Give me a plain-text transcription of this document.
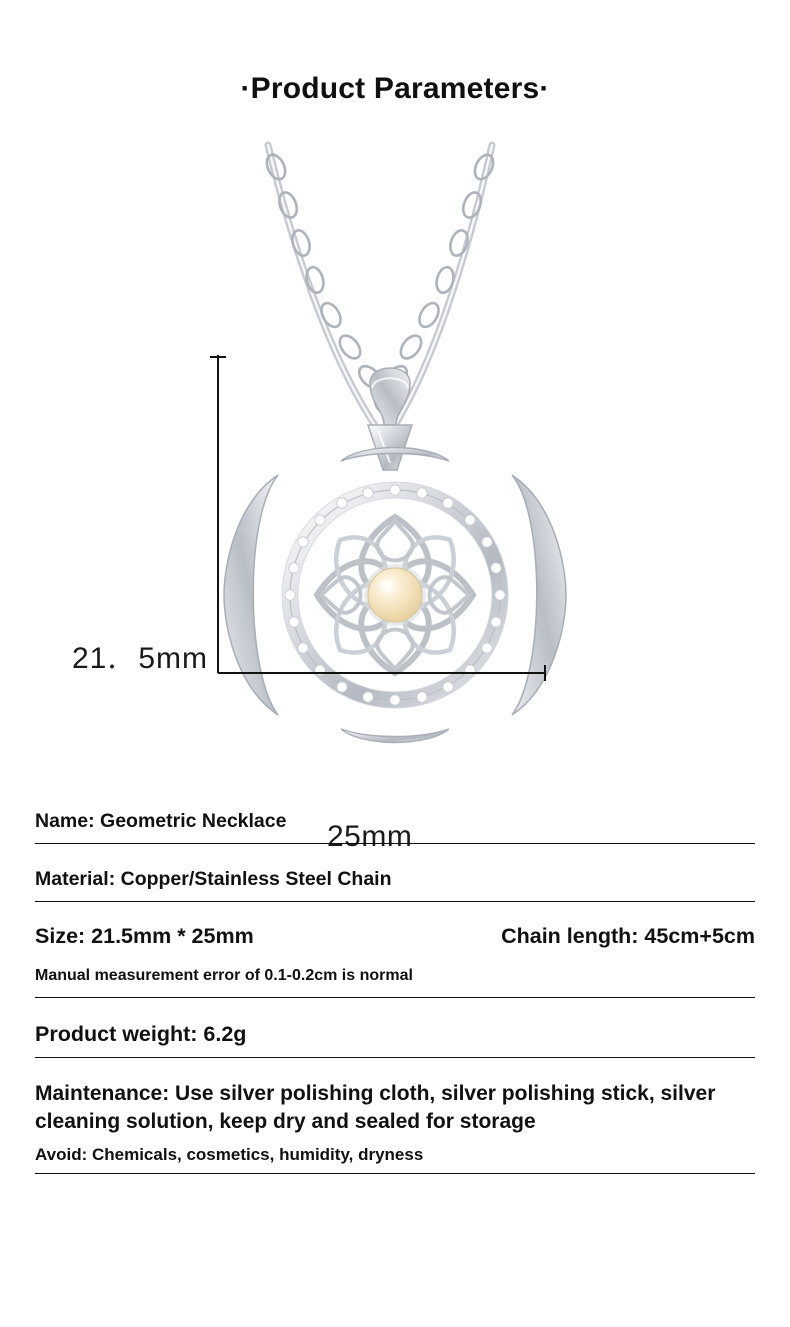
·Product Parameters·
21．5mm
25mm
Name: Geometric Necklace
Material: Copper/Stainless Steel Chain
Size: 21.5mm * 25mm	Chain length: 45cm+5cm
Manual measurement error of 0.1-0.2cm is normal
Product weight: 6.2g
Maintenance: Use silver polishing cloth, silver polishing stick, silver cleaning solution, keep dry and sealed for storage
Avoid: Chemicals, cosmetics, humidity, dryness
